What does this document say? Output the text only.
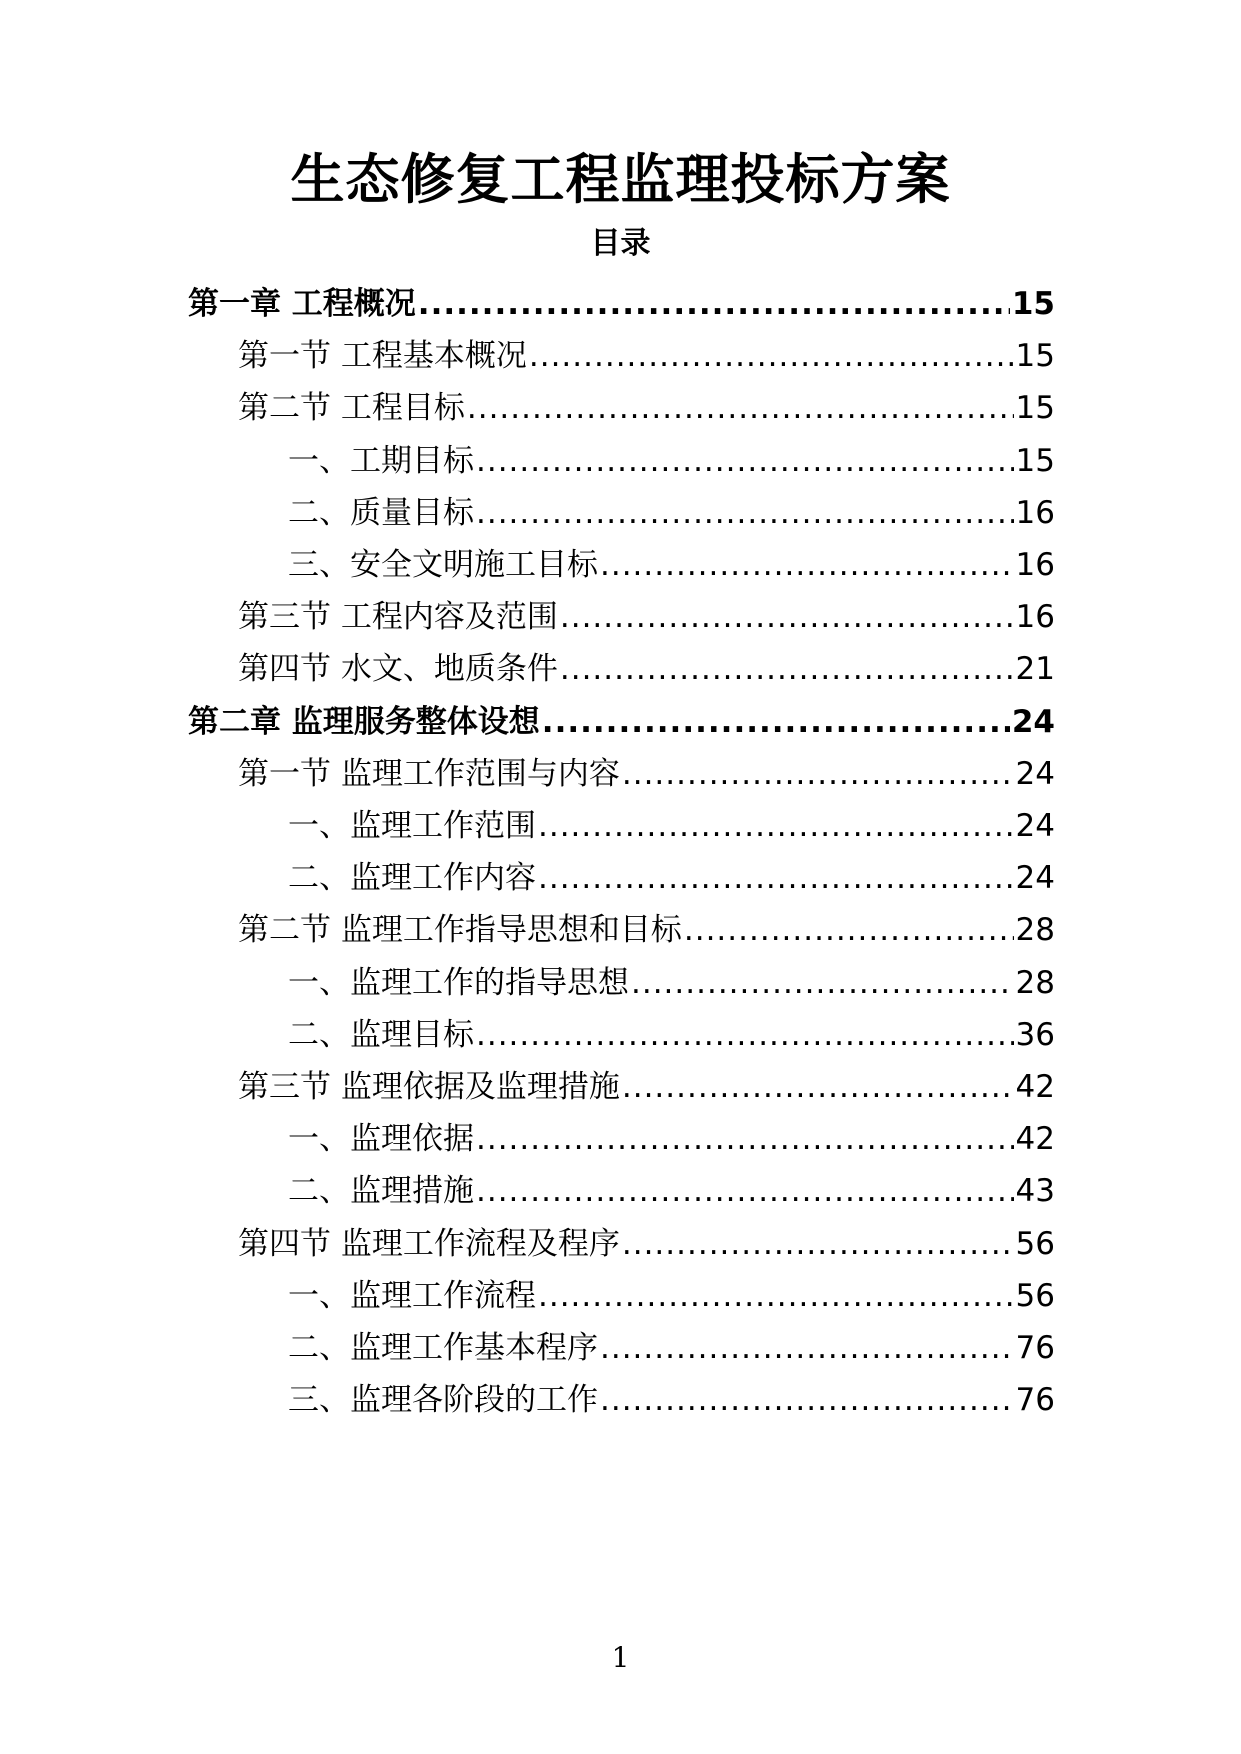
生态修复工程监理投标方案
目录
第一章 工程概况 .....	15
第一节 工程基本概况 .....	15
第二节 工程目标 .....	15
一、工期目标 .....	15
二、质量目标 .....	16
三、安全文明施工目标 .....	16
第三节 工程内容及范围 .....	16
第四节 水文、地质条件 .....	21
第二章 监理服务整体设想 .....	24
第一节 监理工作范围与内容 .....	24
一、监理工作范围 .....	24
二、监理工作内容 .....	24
第二节 监理工作指导思想和目标 .....	28
一、监理工作的指导思想 .....	28
二、监理目标 .....	36
第三节 监理依据及监理措施 .....	42
一、监理依据 .....	42
二、监理措施 .....	43
第四节 监理工作流程及程序 .....	56
一、监理工作流程 .....	56
二、监理工作基本程序 .....	76
三、监理各阶段的工作 .....	76
1
